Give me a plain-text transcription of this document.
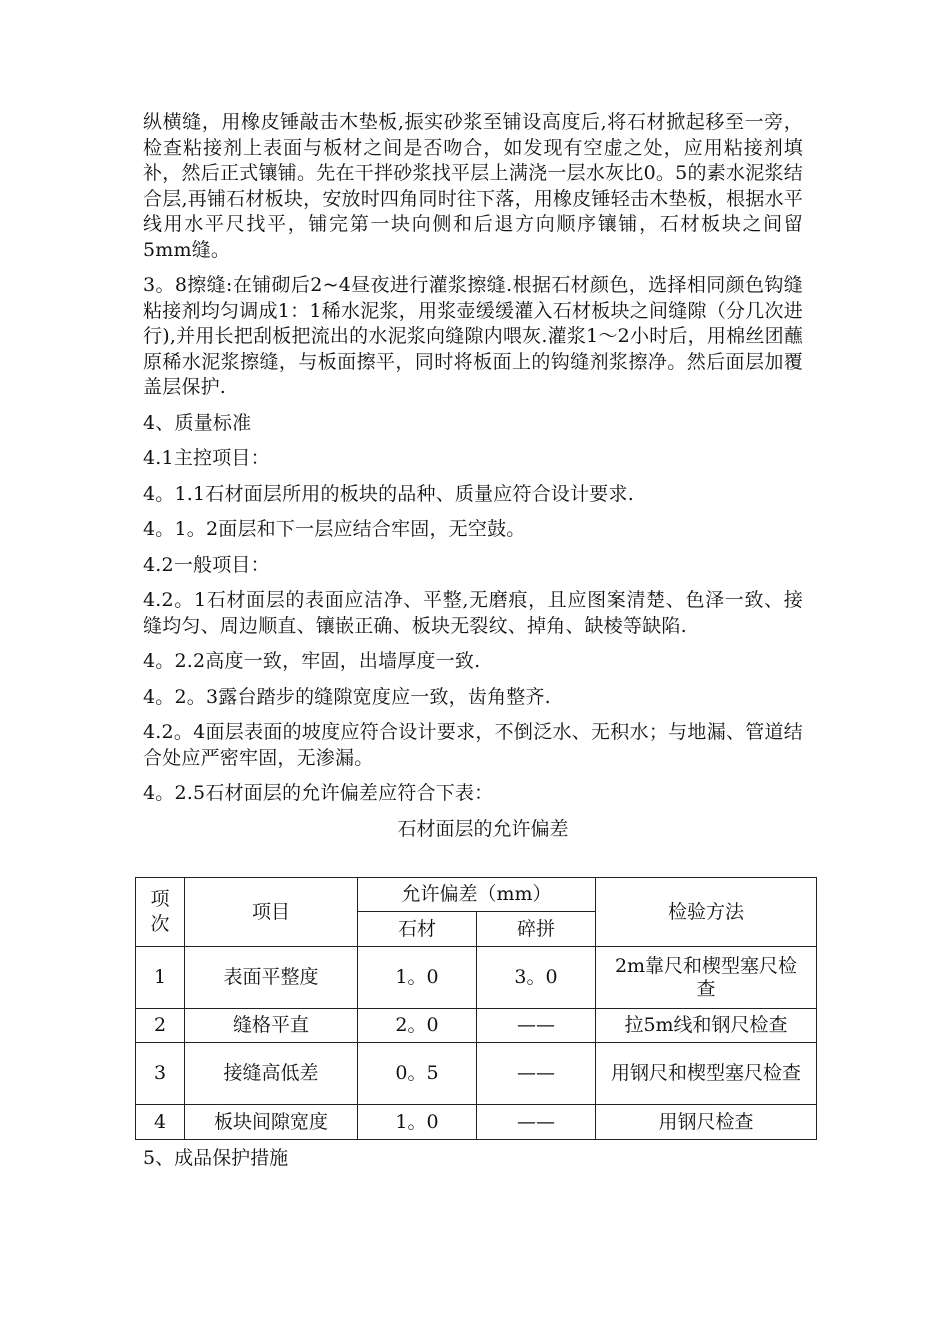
纵横缝，用橡皮锤敲击木垫板,振实砂浆至铺设高度后,将石材掀起移至一旁，检查粘接剂上表面与板材之间是否吻合，如发现有空虚之处，应用粘接剂填补，然后正式镶铺。先在干拌砂浆找平层上满浇一层水灰比0。5的素水泥浆结合层,再铺石材板块，安放时四角同时往下落，用橡皮锤轻击木垫板，根据水平线用水平尺找平，铺完第一块向侧和后退方向顺序镶铺，石材板块之间留5mm缝。

3。8擦缝:在铺砌后2~4昼夜进行灌浆擦缝.根据石材颜色，选择相同颜色钩缝粘接剂均匀调成1：1稀水泥浆，用浆壶缓缓灌入石材板块之间缝隙（分几次进行),并用长把刮板把流出的水泥浆向缝隙内喂灰.灌浆1～2小时后，用棉丝团蘸原稀水泥浆擦缝，与板面擦平，同时将板面上的钩缝剂浆擦净。然后面层加覆盖层保护.

4、质量标准

4.1主控项目：

4。1.1石材面层所用的板块的品种、质量应符合设计要求.

4。1。2面层和下一层应结合牢固，无空鼓。

4.2一般项目：

4.2。1石材面层的表面应洁净、平整,无磨痕，且应图案清楚、色泽一致、接缝均匀、周边顺直、镶嵌正确、板块无裂纹、掉角、缺棱等缺陷.

4。2.2高度一致，牢固，出墙厚度一致.

4。2。3露台踏步的缝隙宽度应一致，齿角整齐.

4.2。4面层表面的坡度应符合设计要求，不倒泛水、无积水；与地漏、管道结合处应严密牢固，无渗漏。

4。2.5石材面层的允许偏差应符合下表：

石材面层的允许偏差
项次	项目	允许偏差（mm）		检验方法
		石材	碎拼	
1	表面平整度	1。0	3。0	2m靠尺和楔型塞尺检查
2	缝格平直	2。0	——	拉5m线和钢尺检查
3	接缝高低差	0。5	——	用钢尺和楔型塞尺检查
4	板块间隙宽度	1。0	——	用钢尺检查
5、成品保护措施
